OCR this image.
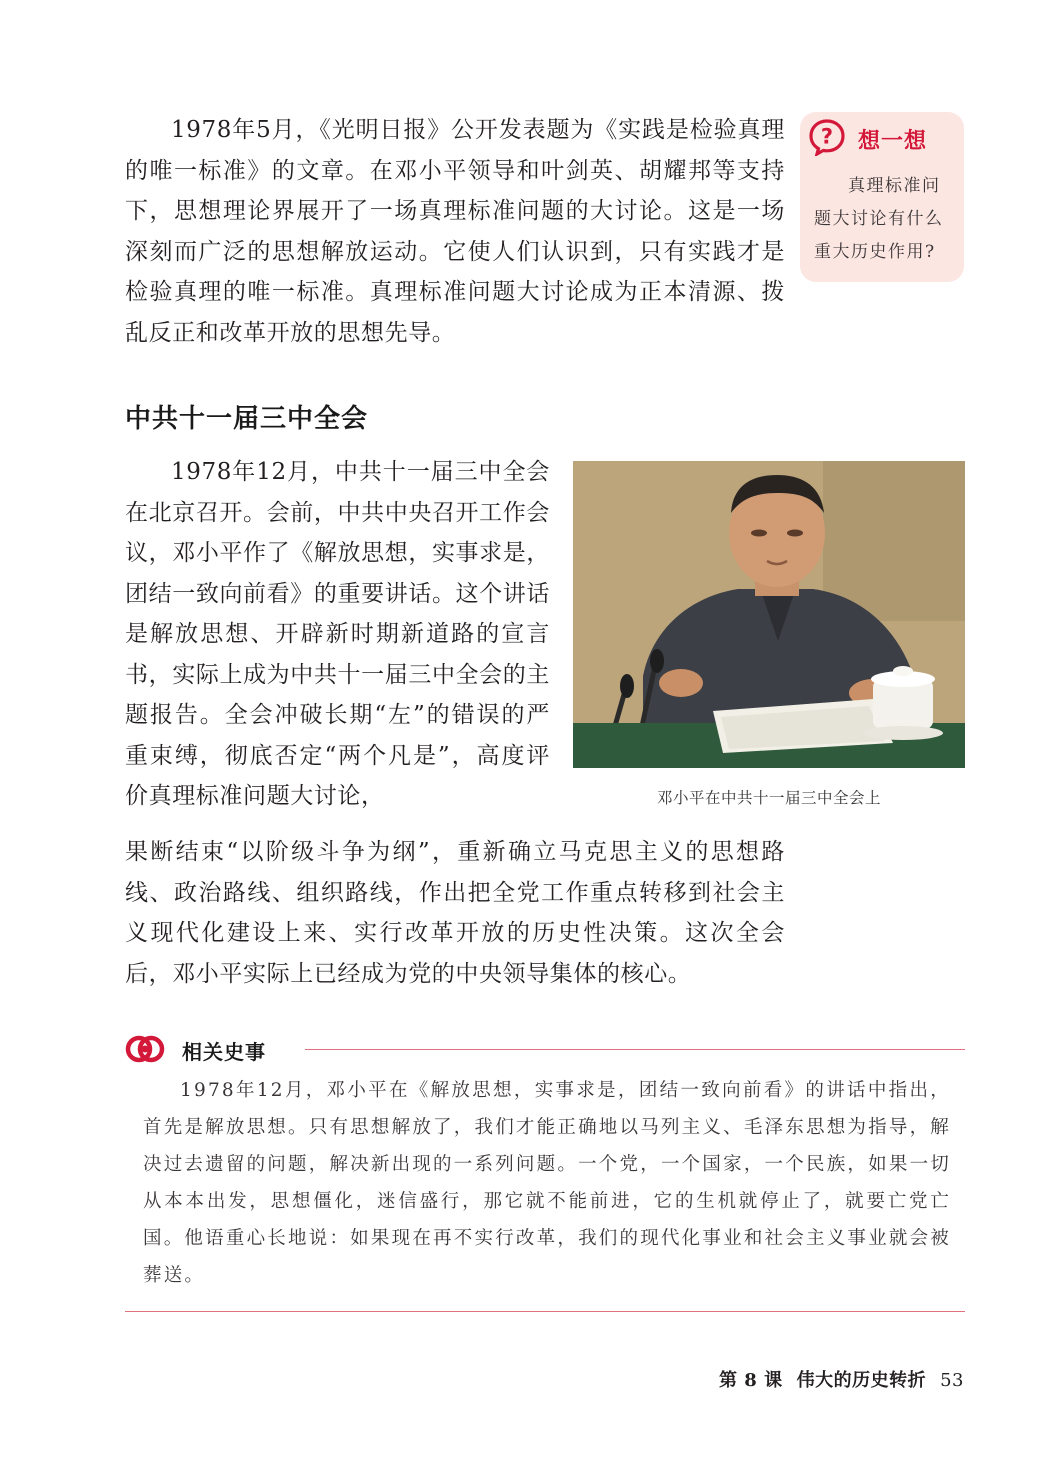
1978年5月，《光明日报》公开发表题为《实践是检验真理的唯一标准》的文章。在邓小平领导和叶剑英、胡耀邦等支持下，思想理论界展开了一场真理标准问题的大讨论。这是一场深刻而广泛的思想解放运动。它使人们认识到，只有实践才是检验真理的唯一标准。真理标准问题大讨论成为正本清源、拨乱反正和改革开放的思想先导。

? 想一想

真理标准问题大讨论有什么重大历史作用?

中共十一届三中全会

1978年12月，中共十一届三中全会在北京召开。会前，中共中央召开工作会议，邓小平作了《解放思想，实事求是，团结一致向前看》的重要讲话。这个讲话是解放思想、开辟新时期新道路的宣言书，实际上成为中共十一届三中全会的主题报告。全会冲破长期“左”的错误的严重束缚，彻底否定“两个凡是”，高度评价真理标准问题大讨论，	邓小平在中共十一届三中全会上

果断结束“以阶级斗争为纲”，重新确立马克思主义的思想路线、政治路线、组织路线，作出把全党工作重点转移到社会主义现代化建设上来、实行改革开放的历史性决策。这次全会后，邓小平实际上已经成为党的中央领导集体的核心。

相关史事

1978年12月，邓小平在《解放思想，实事求是，团结一致向前看》的讲话中指出，首先是解放思想。只有思想解放了，我们才能正确地以马列主义、毛泽东思想为指导，解决过去遗留的问题，解决新出现的一系列问题。一个党，一个国家，一个民族，如果一切从本本出发，思想僵化，迷信盛行，那它就不能前进，它的生机就停止了，就要亡党亡国。他语重心长地说：如果现在再不实行改革，我们的现代化事业和社会主义事业就会被葬送。

第 8 课 伟大的历史转折 53
